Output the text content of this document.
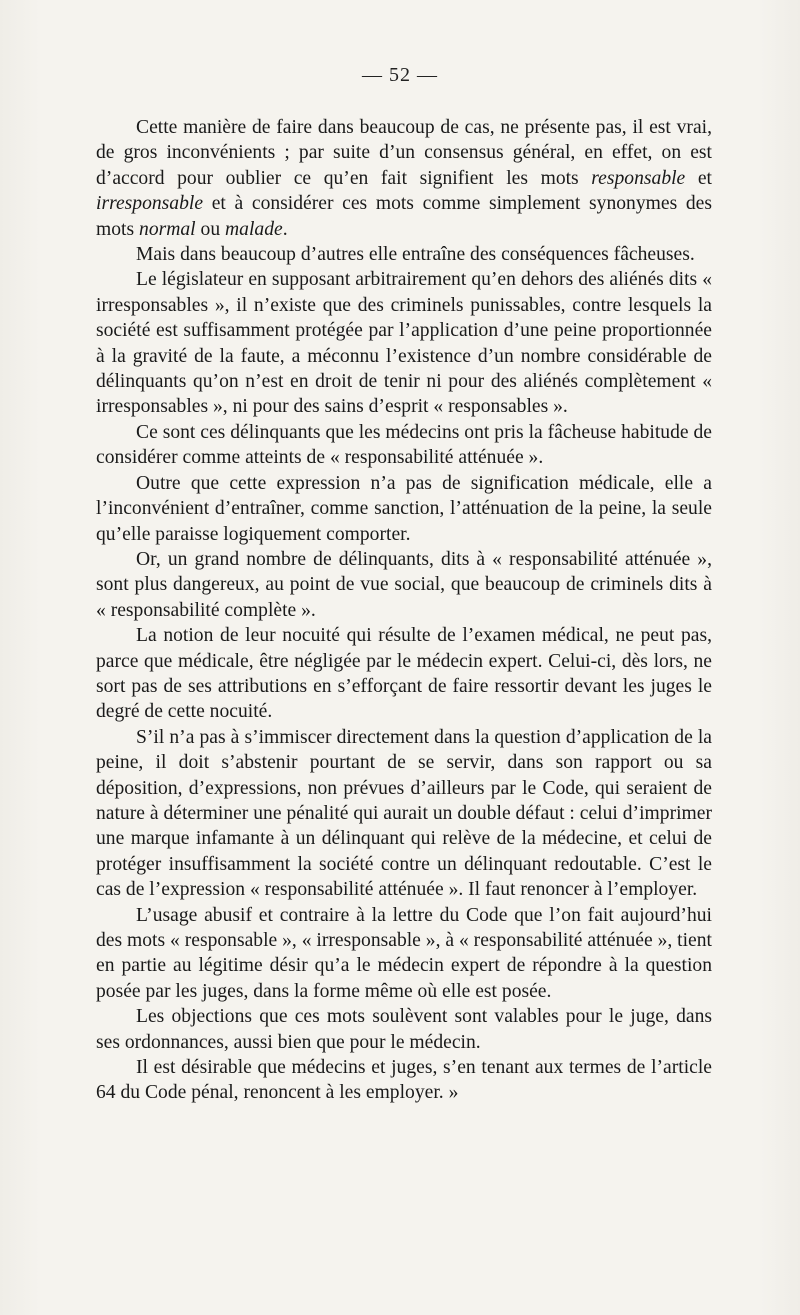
— 52 —

Cette manière de faire dans beaucoup de cas, ne présente pas, il est vrai, de gros inconvénients ; par suite d’un consensus général, en effet, on est d’accord pour oublier ce qu’en fait signifient les mots responsable et irresponsable et à considérer ces mots comme simplement synonymes des mots normal ou malade.

Mais dans beaucoup d’autres elle entraîne des conséquences fâcheuses.

Le législateur en supposant arbitrairement qu’en dehors des aliénés dits « irresponsables », il n’existe que des criminels punissables, contre lesquels la société est suffisamment protégée par l’application d’une peine proportionnée à la gravité de la faute, a méconnu l’existence d’un nombre considérable de délinquants qu’on n’est en droit de tenir ni pour des aliénés complètement « irresponsables », ni pour des sains d’esprit « responsables ».

Ce sont ces délinquants que les médecins ont pris la fâcheuse habitude de considérer comme atteints de « responsabilité atténuée ».

Outre que cette expression n’a pas de signification médicale, elle a l’inconvénient d’entraîner, comme sanction, l’atténuation de la peine, la seule qu’elle paraisse logiquement comporter.

Or, un grand nombre de délinquants, dits à « responsabilité atténuée », sont plus dangereux, au point de vue social, que beaucoup de criminels dits à « responsabilité complète ».

La notion de leur nocuité qui résulte de l’examen médical, ne peut pas, parce que médicale, être négligée par le médecin expert. Celui-ci, dès lors, ne sort pas de ses attributions en s’efforçant de faire ressortir devant les juges le degré de cette nocuité.

S’il n’a pas à s’immiscer directement dans la question d’application de la peine, il doit s’abstenir pourtant de se servir, dans son rapport ou sa déposition, d’expressions, non prévues d’ailleurs par le Code, qui seraient de nature à déterminer une pénalité qui aurait un double défaut : celui d’imprimer une marque infamante à un délinquant qui relève de la médecine, et celui de protéger insuffisamment la société contre un délinquant redoutable. C’est le cas de l’expression « responsabilité atténuée ». Il faut renoncer à l’employer.

L’usage abusif et contraire à la lettre du Code que l’on fait aujourd’hui des mots « responsable », « irresponsable », à « responsabilité atténuée », tient en partie au légitime désir qu’a le médecin expert de répondre à la question posée par les juges, dans la forme même où elle est posée.

Les objections que ces mots soulèvent sont valables pour le juge, dans ses ordonnances, aussi bien que pour le médecin.

Il est désirable que médecins et juges, s’en tenant aux termes de l’article 64 du Code pénal, renoncent à les employer. »
